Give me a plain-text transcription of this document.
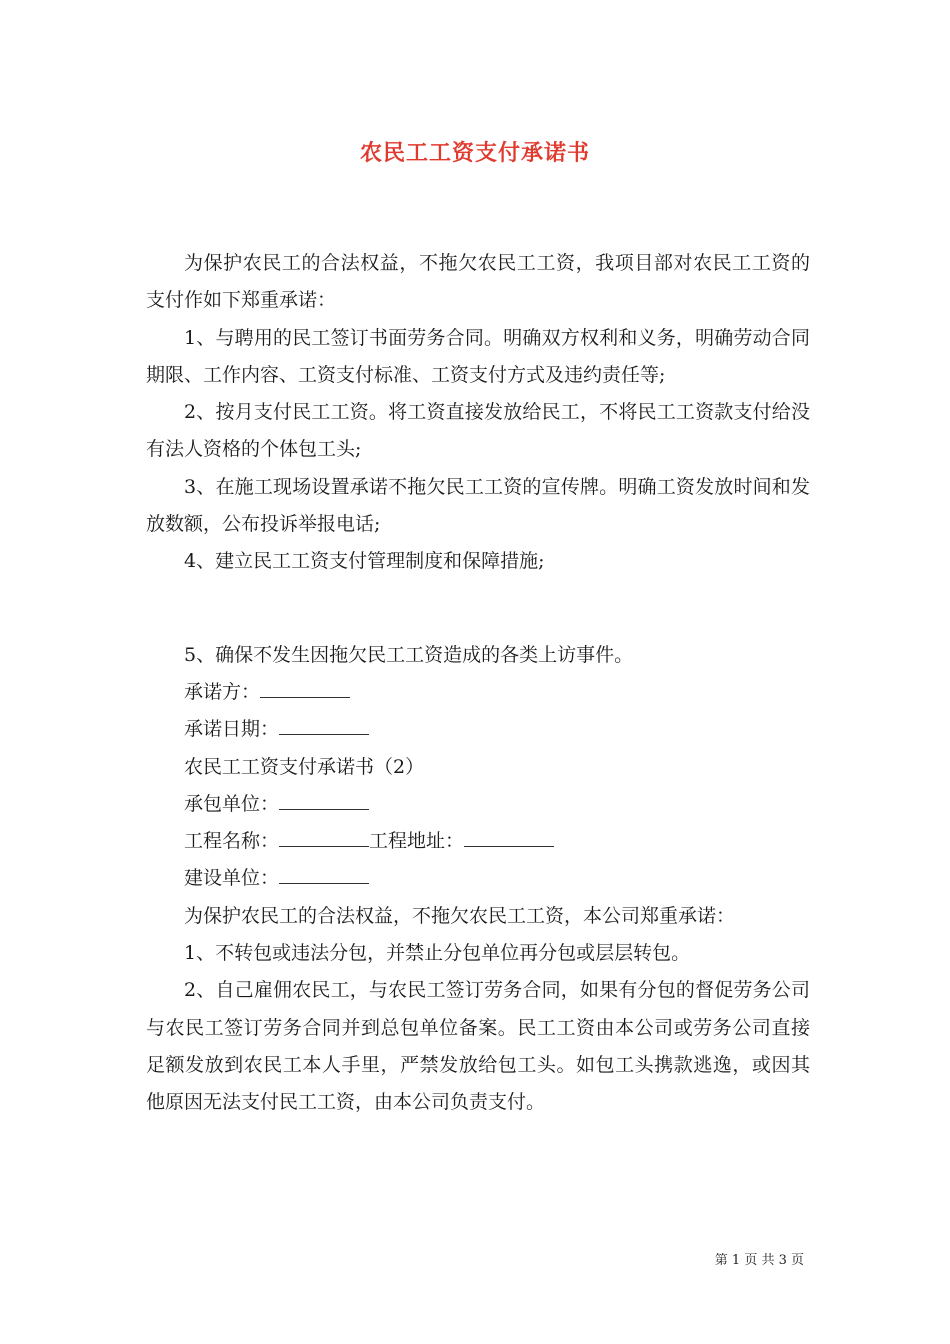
农民工工资支付承诺书

为保护农民工的合法权益，不拖欠农民工工资，我项目部对农民工工资的支付作如下郑重承诺：

1、与聘用的民工签订书面劳务合同。明确双方权利和义务，明确劳动合同期限、工作内容、工资支付标准、工资支付方式及违约责任等;

2、按月支付民工工资。将工资直接发放给民工，不将民工工资款支付给没有法人资格的个体包工头;

3、在施工现场设置承诺不拖欠民工工资的宣传牌。明确工资发放时间和发放数额，公布投诉举报电话;

4、建立民工工资支付管理制度和保障措施;

5、确保不发生因拖欠民工工资造成的各类上访事件。

承诺方：

承诺日期：

农民工工资支付承诺书（2）

承包单位：

工程名称：	工程地址：

建设单位：

为保护农民工的合法权益，不拖欠农民工工资，本公司郑重承诺：

1、不转包或违法分包，并禁止分包单位再分包或层层转包。

2、自己雇佣农民工，与农民工签订劳务合同，如果有分包的督促劳务公司与农民工签订劳务合同并到总包单位备案。民工工资由本公司或劳务公司直接足额发放到农民工本人手里，严禁发放给包工头。如包工头携款逃逸，或因其他原因无法支付民工工资，由本公司负责支付。

第 1 页 共 3 页
